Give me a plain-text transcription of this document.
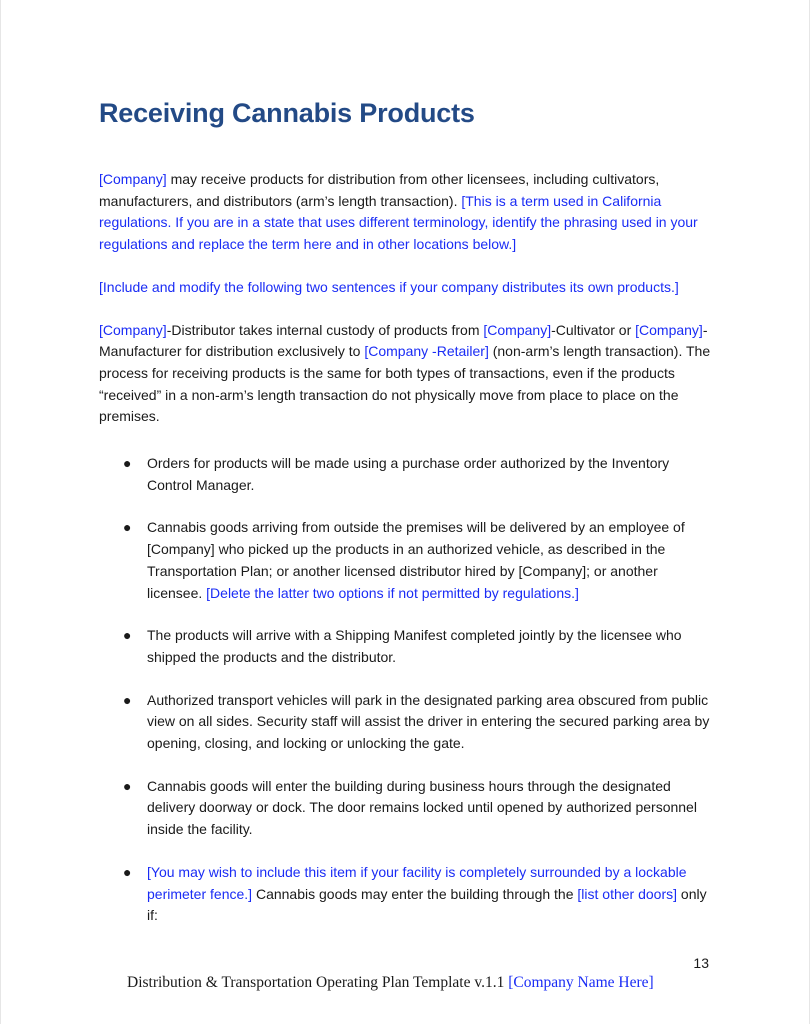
Receiving Cannabis Products

[Company] may receive products for distribution from other licensees, including cultivators, manufacturers, and distributors (arm’s length transaction). [This is a term used in California regulations. If you are in a state that uses different terminology, identify the phrasing used in your regulations and replace the term here and in other locations below.]

[Include and modify the following two sentences if your company distributes its own products.]

[Company]-Distributor takes internal custody of products from [Company]-Cultivator or [Company]-Manufacturer for distribution exclusively to [Company -Retailer] (non-arm’s length transaction). The process for receiving products is the same for both types of transactions, even if the products “received” in a non-arm’s length transaction do not physically move from place to place on the premises.

● Orders for products will be made using a purchase order authorized by the Inventory Control Manager.
● Cannabis goods arriving from outside the premises will be delivered by an employee of [Company] who picked up the products in an authorized vehicle, as described in the Transportation Plan; or another licensed distributor hired by [Company]; or another licensee. [Delete the latter two options if not permitted by regulations.]
● The products will arrive with a Shipping Manifest completed jointly by the licensee who shipped the products and the distributor.
● Authorized transport vehicles will park in the designated parking area obscured from public view on all sides. Security staff will assist the driver in entering the secured parking area by opening, closing, and locking or unlocking the gate.
● Cannabis goods will enter the building during business hours through the designated delivery doorway or dock. The door remains locked until opened by authorized personnel inside the facility.
● [You may wish to include this item if your facility is completely surrounded by a lockable perimeter fence.] Cannabis goods may enter the building through the [list other doors] only if:
13
Distribution & Transportation Operating Plan Template v.1.1 [Company Name Here]
